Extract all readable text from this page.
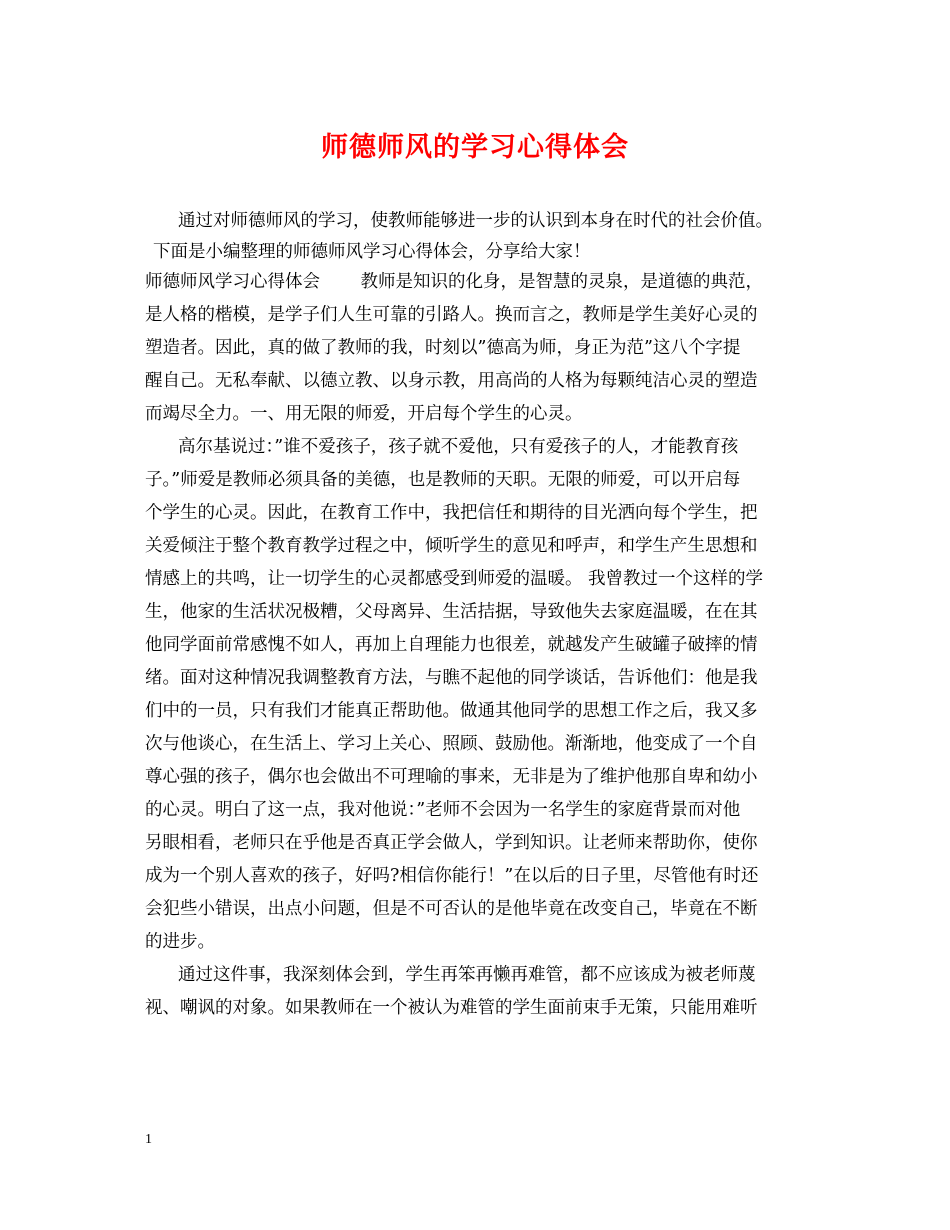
师德师风的学习心得体会
通过对师德师风的学习，使教师能够进一步的认识到本身在时代的社会价值。
下面是小编整理的师德师风学习心得体会，分享给大家！
师德师风学习心得体会　　 教师是知识的化身，是智慧的灵泉，是道德的典范，
是人格的楷模，是学子们人生可靠的引路人。换而言之，教师是学生美好心灵的
塑造者。因此，真的做了教师的我，时刻以”德高为师，身正为范”这八个字提
醒自己。无私奉献、以德立教、以身示教，用高尚的人格为每颗纯洁心灵的塑造
而竭尽全力。一、用无限的师爱，开启每个学生的心灵。
高尔基说过：”谁不爱孩子，孩子就不爱他，只有爱孩子的人，才能教育孩
子。”师爱是教师必须具备的美德，也是教师的天职。无限的师爱，可以开启每
个学生的心灵。因此，在教育工作中，我把信任和期待的目光洒向每个学生，把
关爱倾注于整个教育教学过程之中，倾听学生的意见和呼声，和学生产生思想和
情感上的共鸣，让一切学生的心灵都感受到师爱的温暖。 我曾教过一个这样的学
生，他家的生活状况极糟，父母离异、生活拮据，导致他失去家庭温暖，在在其
他同学面前常感愧不如人，再加上自理能力也很差，就越发产生破罐子破摔的情
绪。面对这种情况我调整教育方法，与瞧不起他的同学谈话，告诉他们：他是我
们中的一员，只有我们才能真正帮助他。做通其他同学的思想工作之后，我又多
次与他谈心，在生活上、学习上关心、照顾、鼓励他。渐渐地，他变成了一个自
尊心强的孩子，偶尔也会做出不可理喻的事来，无非是为了维护他那自卑和幼小
的心灵。明白了这一点，我对他说：”老师不会因为一名学生的家庭背景而对他
另眼相看，老师只在乎他是否真正学会做人，学到知识。让老师来帮助你，使你
成为一个别人喜欢的孩子，好吗?相信你能行！”在以后的日子里，尽管他有时还
会犯些小错误，出点小问题，但是不可否认的是他毕竟在改变自己，毕竟在不断
的进步。
通过这件事，我深刻体会到，学生再笨再懒再难管，都不应该成为被老师蔑
视、嘲讽的对象。如果教师在一个被认为难管的学生面前束手无策，只能用难听
1
